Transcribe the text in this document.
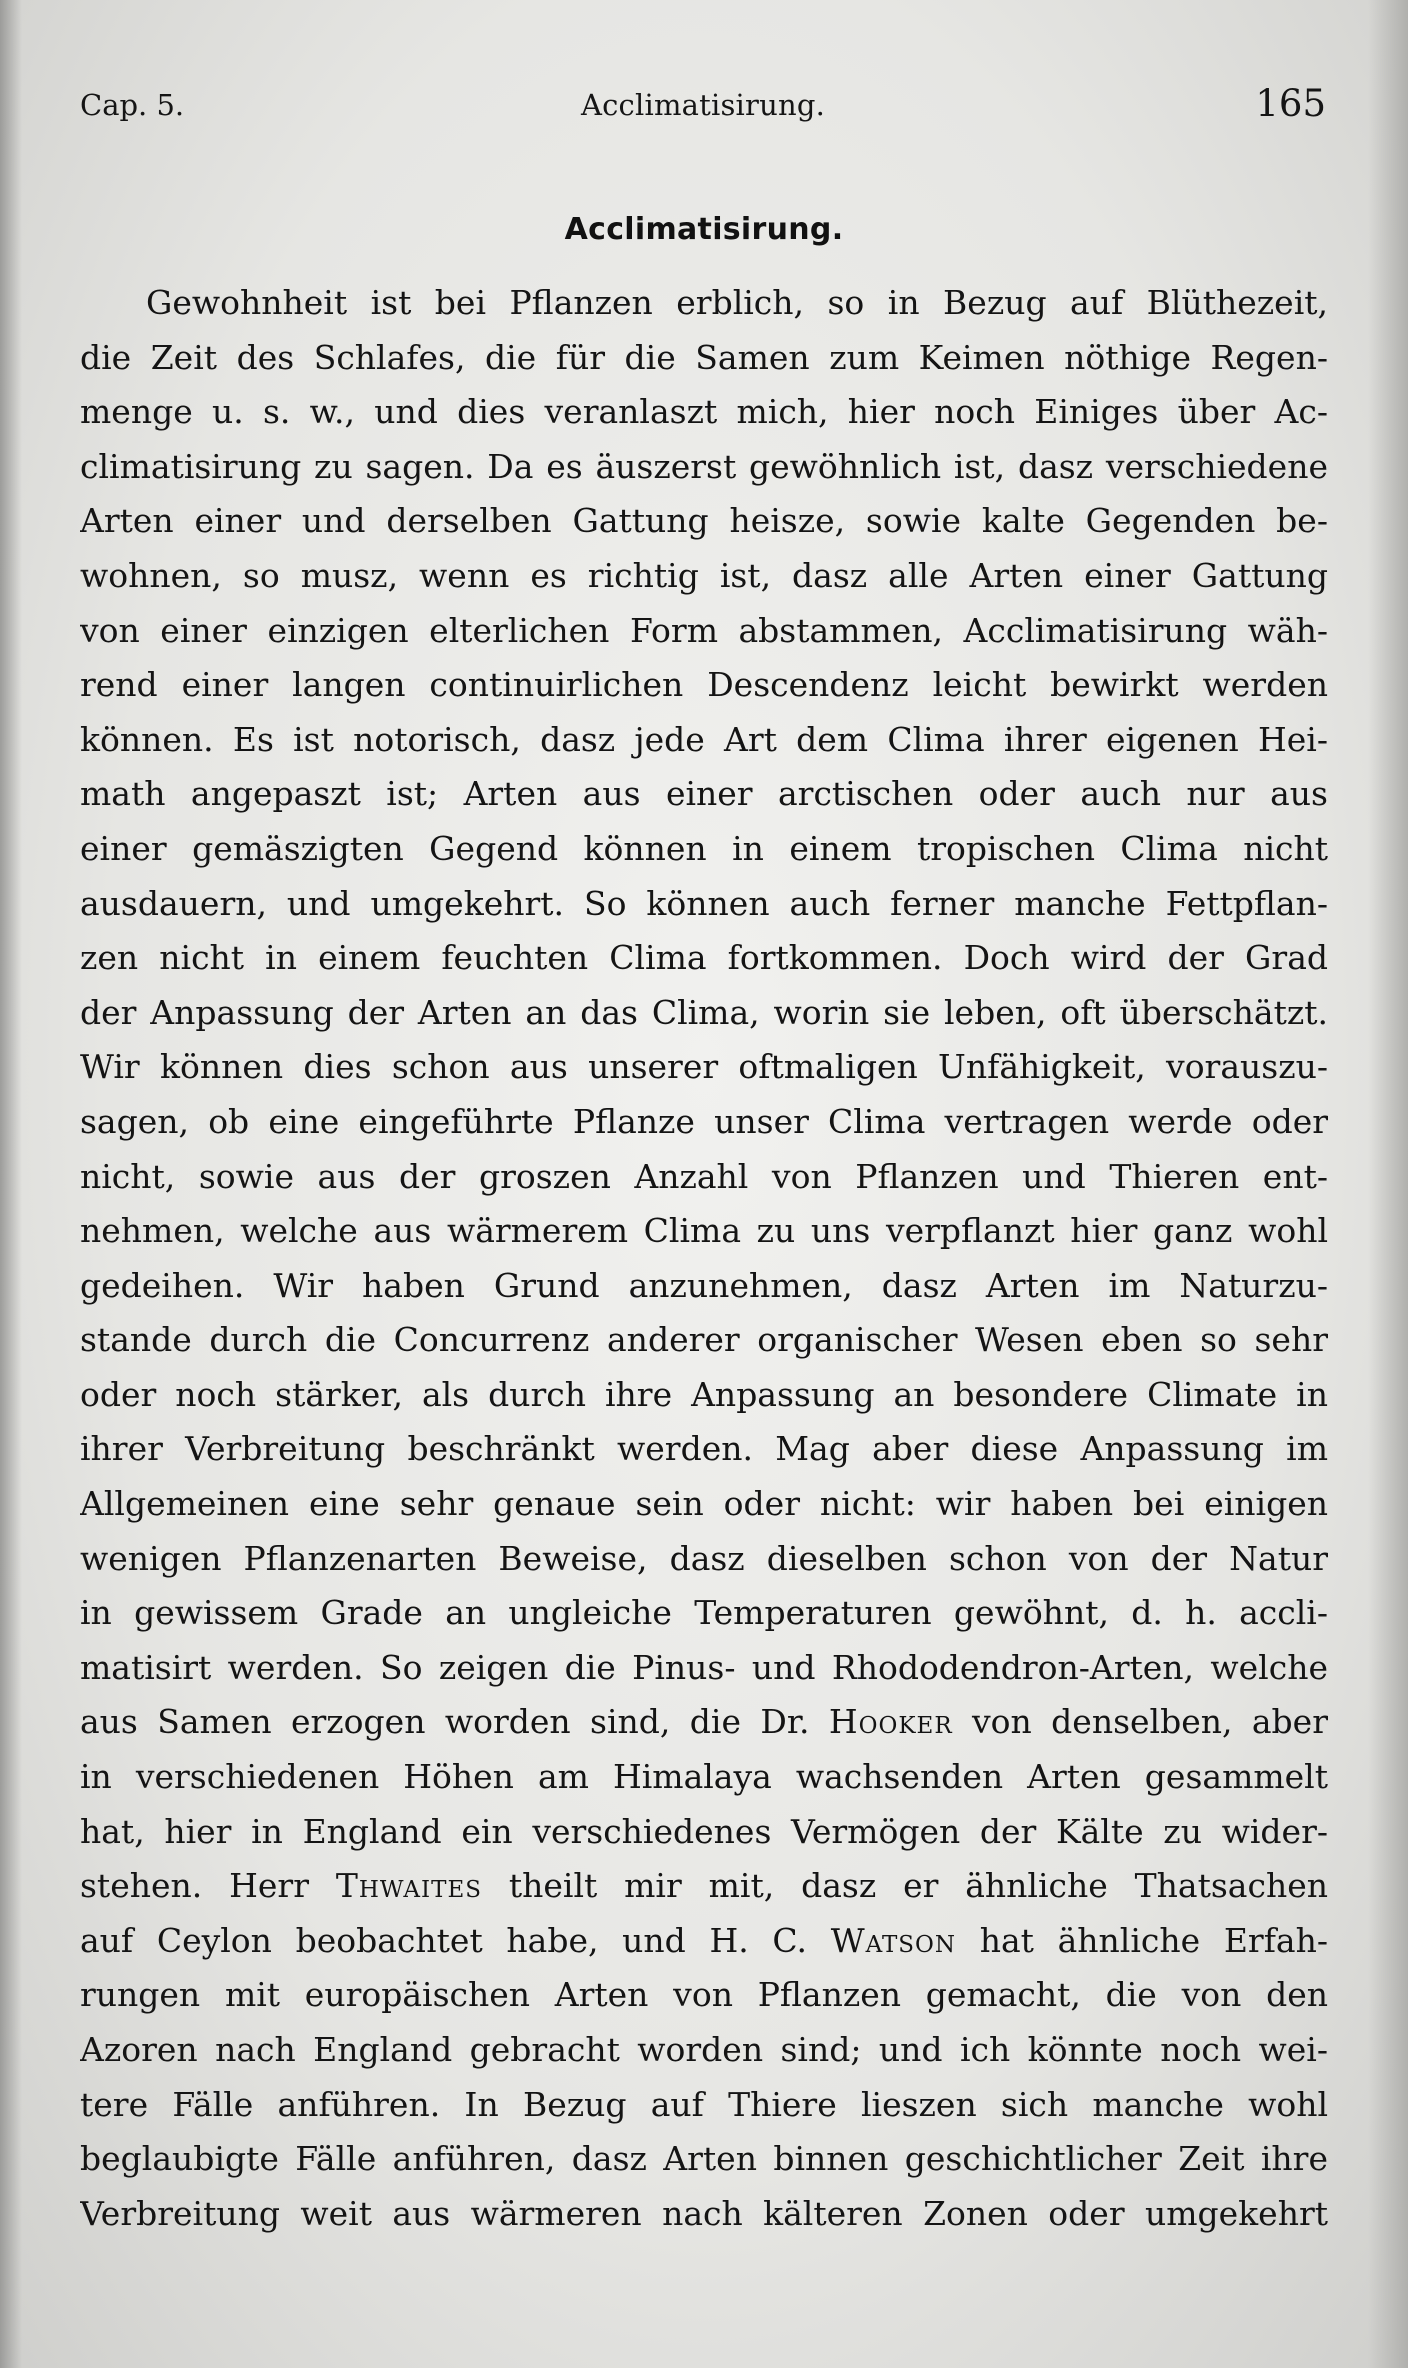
Cap. 5.	Acclimatisirung.	165
Acclimatisirung.
Gewohnheit ist bei Pflanzen erblich, so in Bezug auf Blüthezeit,
die Zeit des Schlafes, die für die Samen zum Keimen nöthige Regen-
menge u. s. w., und dies veranlaszt mich, hier noch Einiges über Ac-
climatisirung zu sagen. Da es äuszerst gewöhnlich ist, dasz verschiedene
Arten einer und derselben Gattung heisze, sowie kalte Gegenden be-
wohnen, so musz, wenn es richtig ist, dasz alle Arten einer Gattung
von einer einzigen elterlichen Form abstammen, Acclimatisirung wäh-
rend einer langen continuirlichen Descendenz leicht bewirkt werden
können. Es ist notorisch, dasz jede Art dem Clima ihrer eigenen Hei-
math angepaszt ist; Arten aus einer arctischen oder auch nur aus
einer gemäszigten Gegend können in einem tropischen Clima nicht
ausdauern, und umgekehrt. So können auch ferner manche Fettpflan-
zen nicht in einem feuchten Clima fortkommen. Doch wird der Grad
der Anpassung der Arten an das Clima, worin sie leben, oft überschätzt.
Wir können dies schon aus unserer oftmaligen Unfähigkeit, vorauszu-
sagen, ob eine eingeführte Pflanze unser Clima vertragen werde oder
nicht, sowie aus der groszen Anzahl von Pflanzen und Thieren ent-
nehmen, welche aus wärmerem Clima zu uns verpflanzt hier ganz wohl
gedeihen. Wir haben Grund anzunehmen, dasz Arten im Naturzu-
stande durch die Concurrenz anderer organischer Wesen eben so sehr
oder noch stärker, als durch ihre Anpassung an besondere Climate in
ihrer Verbreitung beschränkt werden. Mag aber diese Anpassung im
Allgemeinen eine sehr genaue sein oder nicht: wir haben bei einigen
wenigen Pflanzenarten Beweise, dasz dieselben schon von der Natur
in gewissem Grade an ungleiche Temperaturen gewöhnt, d. h. accli-
matisirt werden. So zeigen die Pinus- und Rhododendron-Arten, welche
aus Samen erzogen worden sind, die Dr. Hooker von denselben, aber
in verschiedenen Höhen am Himalaya wachsenden Arten gesammelt
hat, hier in England ein verschiedenes Vermögen der Kälte zu wider-
stehen. Herr Thwaites theilt mir mit, dasz er ähnliche Thatsachen
auf Ceylon beobachtet habe, und H. C. Watson hat ähnliche Erfah-
rungen mit europäischen Arten von Pflanzen gemacht, die von den
Azoren nach England gebracht worden sind; und ich könnte noch wei-
tere Fälle anführen. In Bezug auf Thiere lieszen sich manche wohl
beglaubigte Fälle anführen, dasz Arten binnen geschichtlicher Zeit ihre
Verbreitung weit aus wärmeren nach kälteren Zonen oder umgekehrt
